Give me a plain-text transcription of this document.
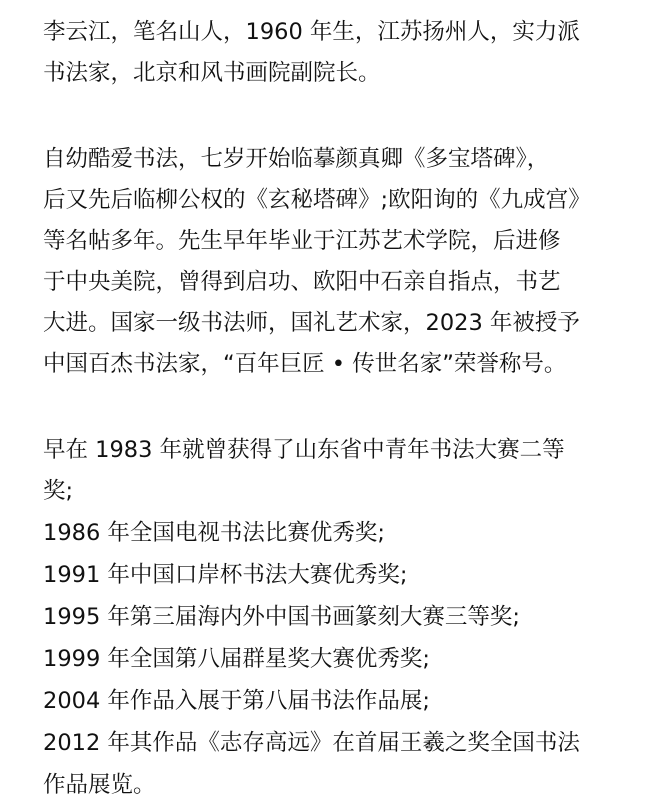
李云江，笔名山人，1960 年生，江苏扬州人，实力派
书法家，北京和风书画院副院长。

自幼酷爱书法，七岁开始临摹颜真卿《多宝塔碑》，
后又先后临柳公权的《玄秘塔碑》;欧阳询的《九成宫》
等名帖多年。先生早年毕业于江苏艺术学院，后进修
于中央美院，曾得到启功、欧阳中石亲自指点，书艺
大进。国家一级书法师，国礼艺术家，2023 年被授予
中国百杰书法家，“百年巨匠 • 传世名家”荣誉称号。

早在 1983 年就曾获得了山东省中青年书法大赛二等
奖;

1986 年全国电视书法比赛优秀奖;
1991 年中国口岸杯书法大赛优秀奖;
1995 年第三届海内外中国书画篆刻大赛三等奖;
1999 年全国第八届群星奖大赛优秀奖;
2004 年作品入展于第八届书法作品展;
2012 年其作品《志存高远》在首届王羲之奖全国书法
作品展览。
